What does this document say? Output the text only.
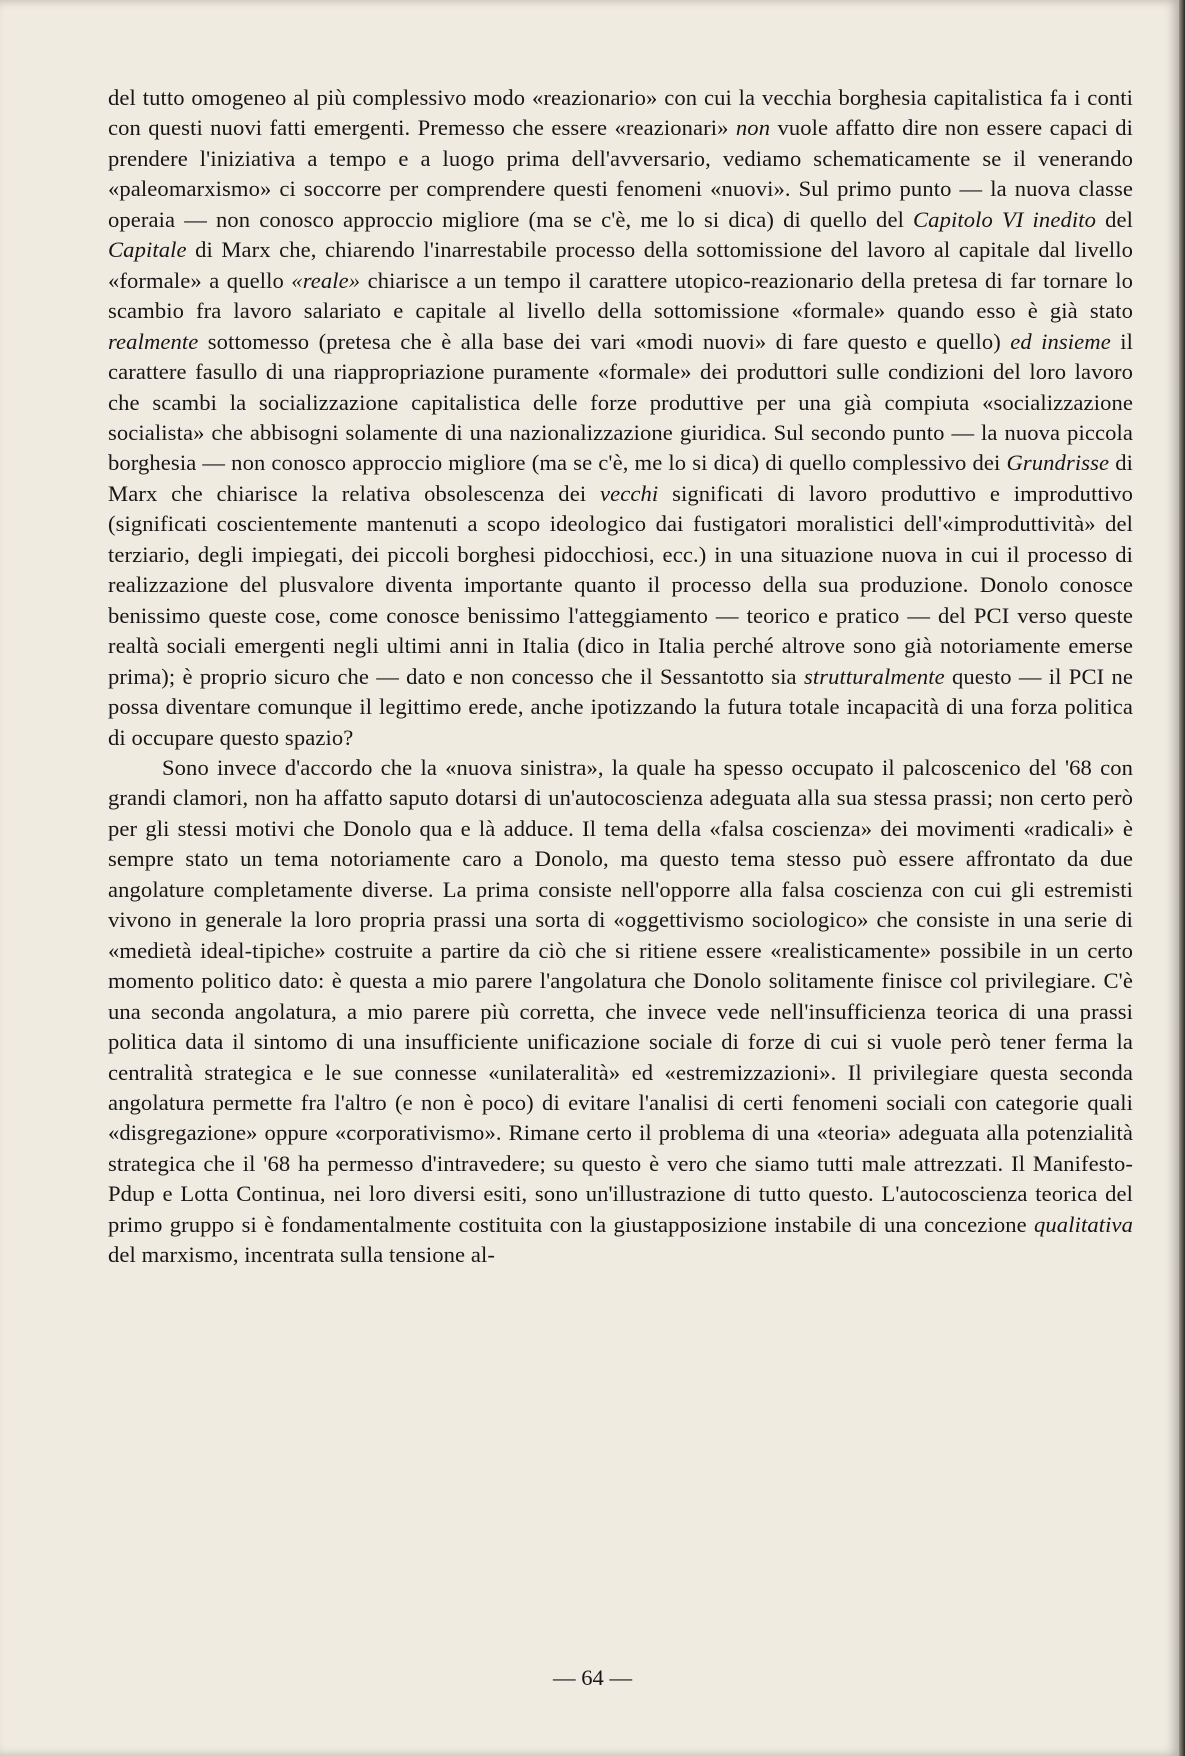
del tutto omogeneo al più complessivo modo «reazionario» con cui la vecchia borghesia capitalistica fa i conti con questi nuovi fatti emergenti. Premesso che essere «reazionari» non vuole affatto dire non essere capaci di prendere l'iniziativa a tempo e a luogo prima dell'avversario, vediamo schematicamente se il venerando «paleomarxismo» ci soccorre per comprendere questi fenomeni «nuovi». Sul primo punto — la nuova classe operaia — non conosco approccio migliore (ma se c'è, me lo si dica) di quello del Capitolo VI inedito del Capitale di Marx che, chiarendo l'inarrestabile processo della sottomissione del lavoro al capitale dal livello «formale» a quello «reale» chiarisce a un tempo il carattere utopico-reazionario della pretesa di far tornare lo scambio fra lavoro salariato e capitale al livello della sottomissione «formale» quando esso è già stato realmente sottomesso (pretesa che è alla base dei vari «modi nuovi» di fare questo e quello) ed insieme il carattere fasullo di una riappropriazione puramente «formale» dei produttori sulle condizioni del loro lavoro che scambi la socializzazione capitalistica delle forze produttive per una già compiuta «socializzazione socialista» che abbisogni solamente di una nazionalizzazione giuridica. Sul secondo punto — la nuova piccola borghesia — non conosco approccio migliore (ma se c'è, me lo si dica) di quello complessivo dei Grundrisse di Marx che chiarisce la relativa obsolescenza dei vecchi significati di lavoro produttivo e improduttivo (significati coscientemente mantenuti a scopo ideologico dai fustigatori moralistici dell'«improduttività» del terziario, degli impiegati, dei piccoli borghesi pidocchiosi, ecc.) in una situazione nuova in cui il processo di realizzazione del plusvalore diventa importante quanto il processo della sua produzione. Donolo conosce benissimo queste cose, come conosce benissimo l'atteggiamento — teorico e pratico — del PCI verso queste realtà sociali emergenti negli ultimi anni in Italia (dico in Italia perché altrove sono già notoriamente emerse prima); è proprio sicuro che — dato e non concesso che il Sessantotto sia strutturalmente questo — il PCI ne possa diventare comunque il legittimo erede, anche ipotizzando la futura totale incapacità di una forza politica di occupare questo spazio?

Sono invece d'accordo che la «nuova sinistra», la quale ha spesso occupato il palcoscenico del '68 con grandi clamori, non ha affatto saputo dotarsi di un'autocoscienza adeguata alla sua stessa prassi; non certo però per gli stessi motivi che Donolo qua e là adduce. Il tema della «falsa coscienza» dei movimenti «radicali» è sempre stato un tema notoriamente caro a Donolo, ma questo tema stesso può essere affrontato da due angolature completamente diverse. La prima consiste nell'opporre alla falsa coscienza con cui gli estremisti vivono in generale la loro propria prassi una sorta di «oggettivismo sociologico» che consiste in una serie di «medietà ideal-tipiche» costruite a partire da ciò che si ritiene essere «realisticamente» possibile in un certo momento politico dato: è questa a mio parere l'angolatura che Donolo solitamente finisce col privilegiare. C'è una seconda angolatura, a mio parere più corretta, che invece vede nell'insufficienza teorica di una prassi politica data il sintomo di una insufficiente unificazione sociale di forze di cui si vuole però tener ferma la centralità strategica e le sue connesse «unilateralità» ed «estremizzazioni». Il privilegiare questa seconda angolatura permette fra l'altro (e non è poco) di evitare l'analisi di certi fenomeni sociali con categorie quali «disgregazione» oppure «corporativismo». Rimane certo il problema di una «teoria» adeguata alla potenzialità strategica che il '68 ha permesso d'intravedere; su questo è vero che siamo tutti male attrezzati. Il Manifesto-Pdup e Lotta Continua, nei loro diversi esiti, sono un'illustrazione di tutto questo. L'autocoscienza teorica del primo gruppo si è fondamentalmente costituita con la giustapposizione instabile di una concezione qualitativa del marxismo, incentrata sulla tensione al-

— 64 —
